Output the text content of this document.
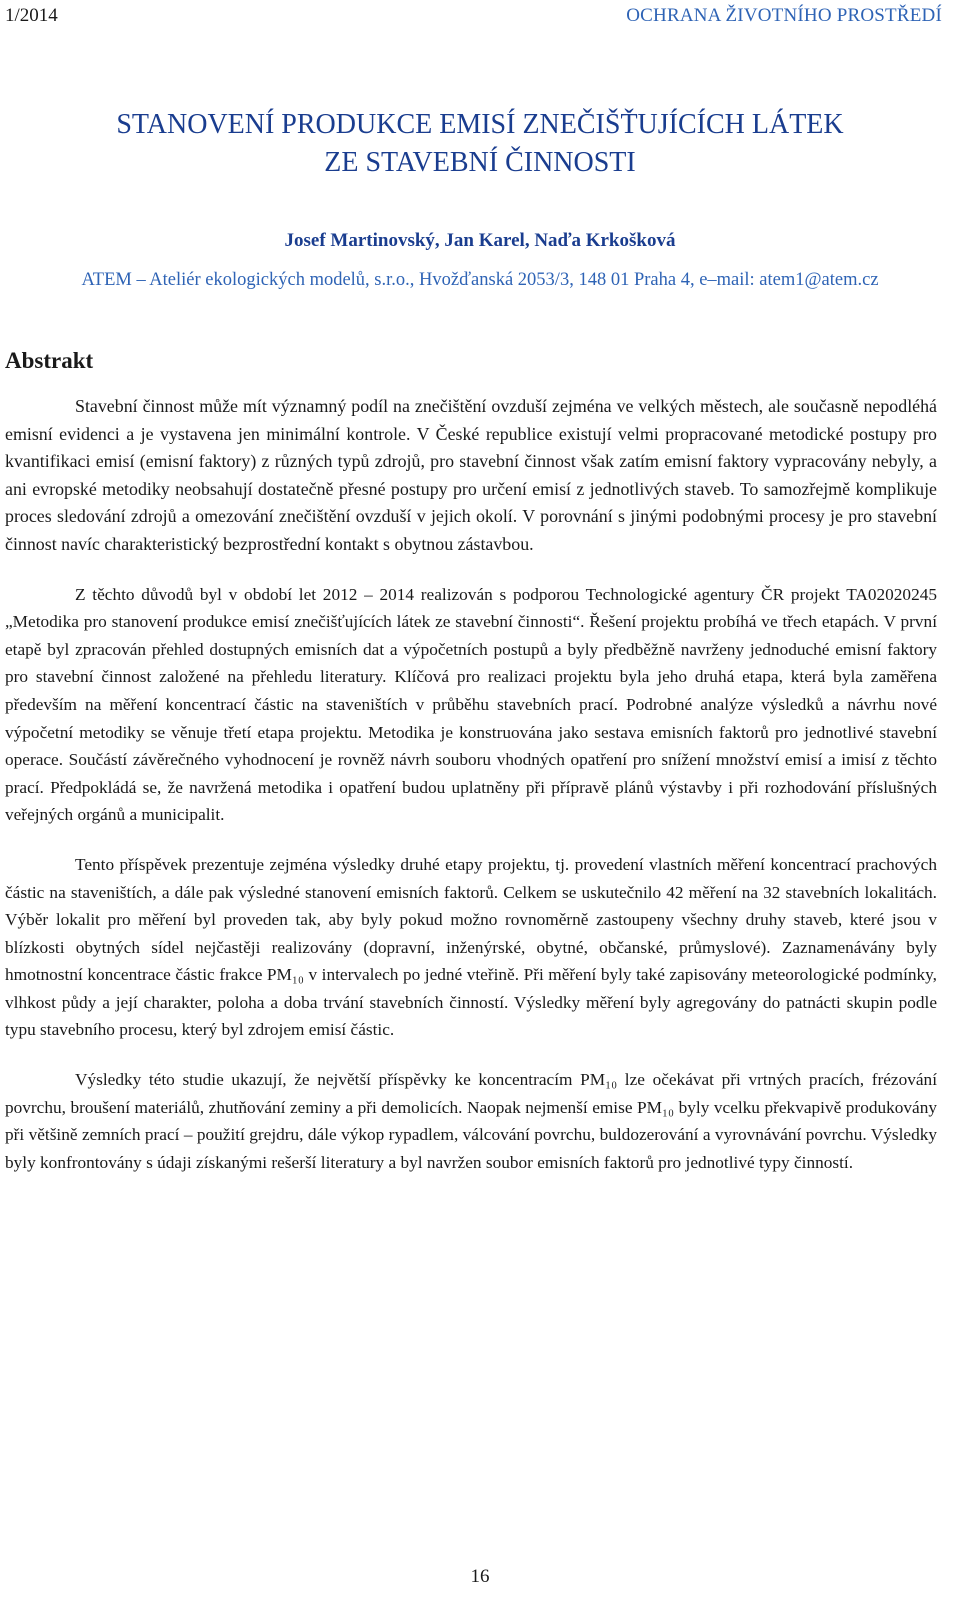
1/2014	OCHRANA ŽIVOTNÍHO PROSTŘEDÍ
STANOVENÍ PRODUKCE EMISÍ ZNEČIŠŤUJÍCÍCH LÁTEK
ZE STAVEBNÍ ČINNOSTI
Josef Martinovský, Jan Karel, Naďa Krkošková
ATEM – Ateliér ekologických modelů, s.r.o., Hvožďanská 2053/3, 148 01 Praha 4, e–mail: atem1@atem.cz
Abstrakt

Stavební činnost může mít významný podíl na znečištění ovzduší zejména ve velkých městech, ale současně nepodléhá emisní evidenci a je vystavena jen minimální kontrole. V České republice existují velmi propracované metodické postupy pro kvantifikaci emisí (emisní faktory) z různých typů zdrojů, pro stavební činnost však zatím emisní faktory vypracovány nebyly, a ani evropské metodiky neobsahují dostatečně přesné postupy pro určení emisí z jednotlivých staveb. To samozřejmě komplikuje proces sledování zdrojů a omezování znečištění ovzduší v jejich okolí. V porovnání s jinými podobnými procesy je pro stavební činnost navíc charakteristický bezprostřední kontakt s obytnou zástavbou.

Z těchto důvodů byl v období let 2012 – 2014 realizován s podporou Technologické agentury ČR projekt TA02020245 „Metodika pro stanovení produkce emisí znečišťujících látek ze stavební činnosti“. Řešení projektu probíhá ve třech etapách. V první etapě byl zpracován přehled dostupných emisních dat a výpočetních postupů a byly předběžně navrženy jednoduché emisní faktory pro stavební činnost založené na přehledu literatury. Klíčová pro realizaci projektu byla jeho druhá etapa, která byla zaměřena především na měření koncentrací částic na staveništích v průběhu stavebních prací. Podrobné analýze výsledků a návrhu nové výpočetní metodiky se věnuje třetí etapa projektu. Metodika je konstruována jako sestava emisních faktorů pro jednotlivé stavební operace. Součástí závěrečného vyhodnocení je rovněž návrh souboru vhodných opatření pro snížení množství emisí a imisí z těchto prací. Předpokládá se, že navržená metodika i opatření budou uplatněny při přípravě plánů výstavby i při rozhodování příslušných veřejných orgánů a municipalit.

Tento příspěvek prezentuje zejména výsledky druhé etapy projektu, tj. provedení vlastních měření koncentrací prachových částic na staveništích, a dále pak výsledné stanovení emisních faktorů. Celkem se uskutečnilo 42 měření na 32 stavebních lokalitách. Výběr lokalit pro měření byl proveden tak, aby byly pokud možno rovnoměrně zastoupeny všechny druhy staveb, které jsou v blízkosti obytných sídel nejčastěji realizovány (dopravní, inženýrské, obytné, občanské, průmyslové). Zaznamenávány byly hmotnostní koncentrace částic frakce PM₁₀ v intervalech po jedné vteřině. Při měření byly také zapisovány meteorologické podmínky, vlhkost půdy a její charakter, poloha a doba trvání stavebních činností. Výsledky měření byly agregovány do patnácti skupin podle typu stavebního procesu, který byl zdrojem emisí částic.

Výsledky této studie ukazují, že největší příspěvky ke koncentracím PM₁₀ lze očekávat při vrtných pracích, frézování povrchu, broušení materiálů, zhutňování zeminy a při demolicích. Naopak nejmenší emise PM₁₀ byly vcelku překvapivě produkovány při většině zemních prací – použití grejdru, dále výkop rypadlem, válcování povrchu, buldozerování a vyrovnávání povrchu. Výsledky byly konfrontovány s údaji získanými rešerší literatury a byl navržen soubor emisních faktorů pro jednotlivé typy činností.

16
